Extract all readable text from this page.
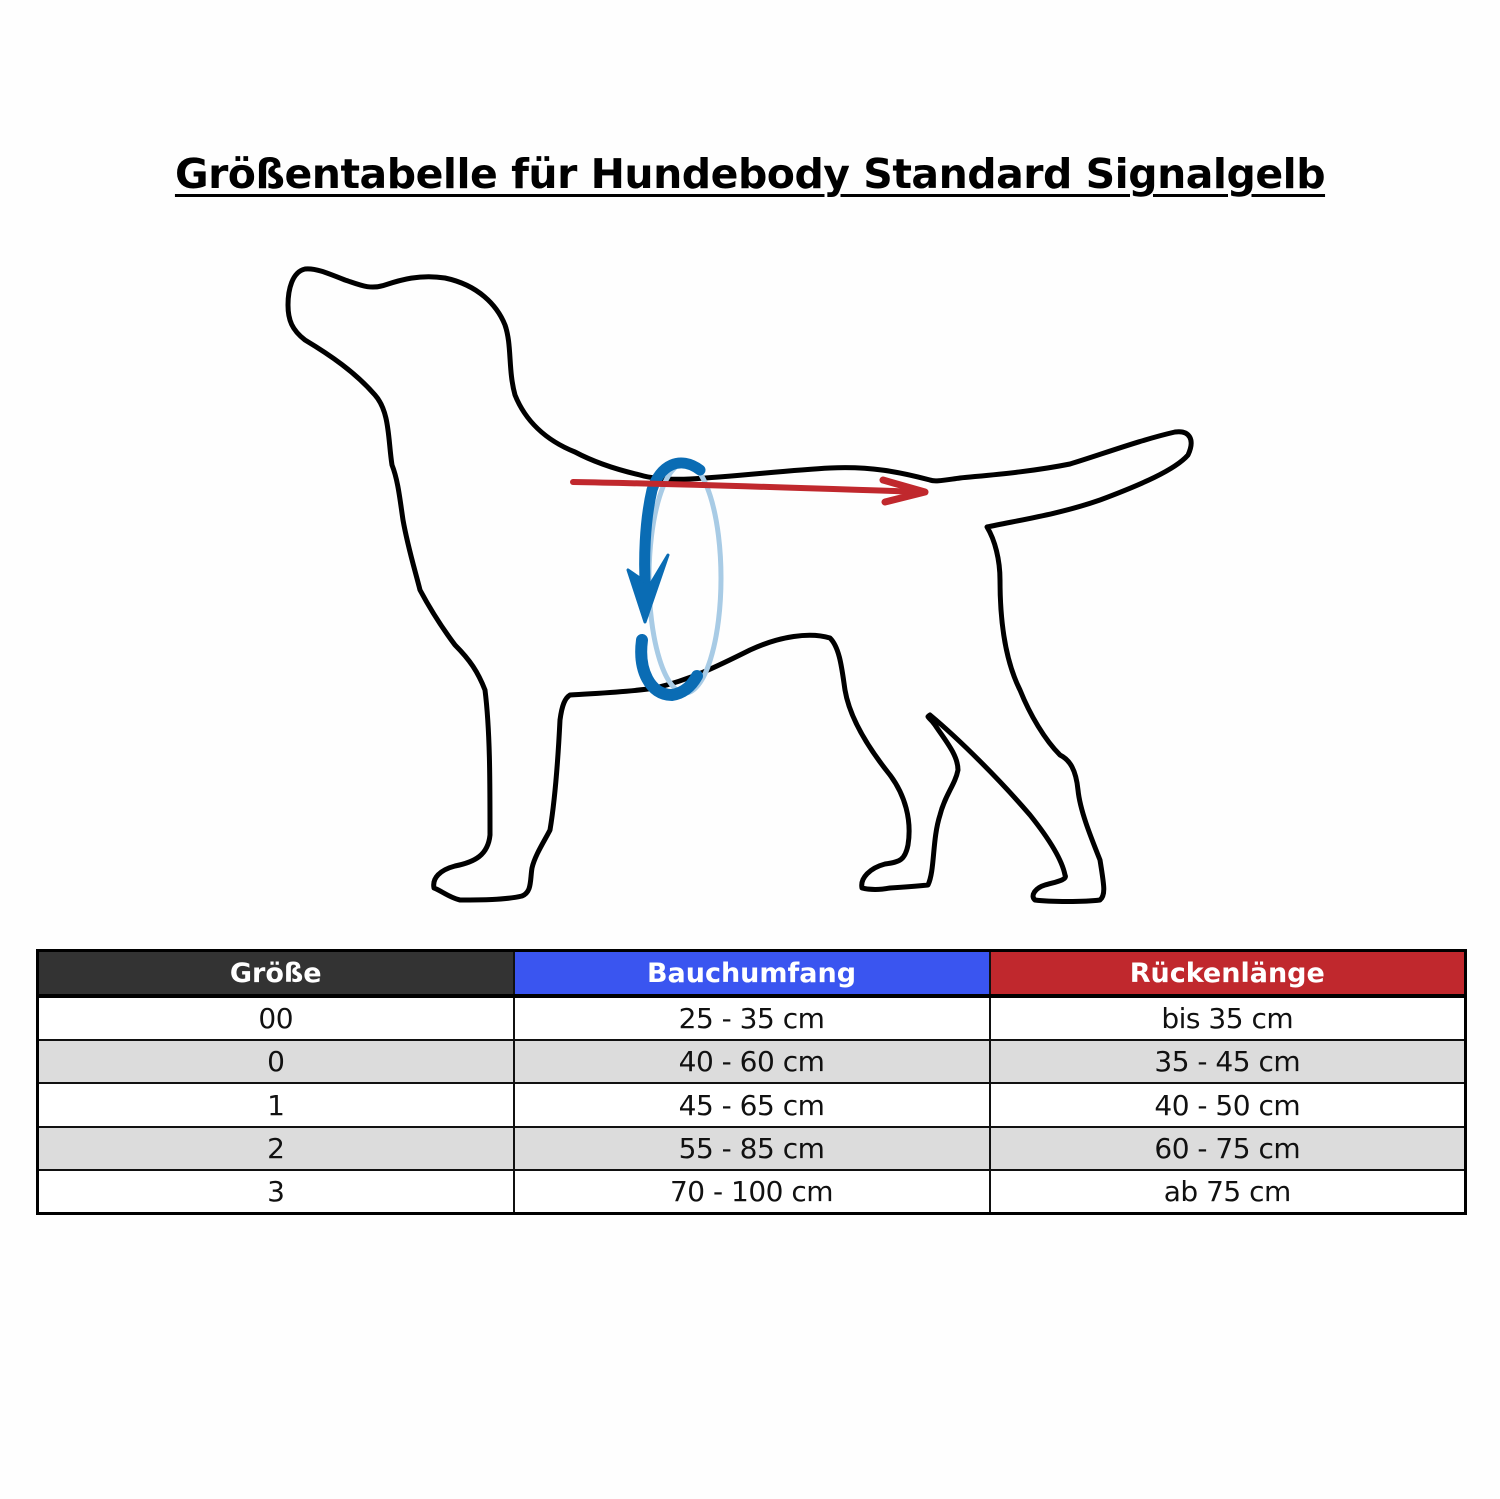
Größentabelle für Hundebody Standard Signalgelb
Größe	Bauchumfang	Rückenlänge
00	25 - 35 cm	bis 35 cm
0	40 - 60 cm	35 - 45 cm
1	45 - 65 cm	40 - 50 cm
2	55 - 85 cm	60 - 75 cm
3	70 - 100 cm	ab 75 cm
